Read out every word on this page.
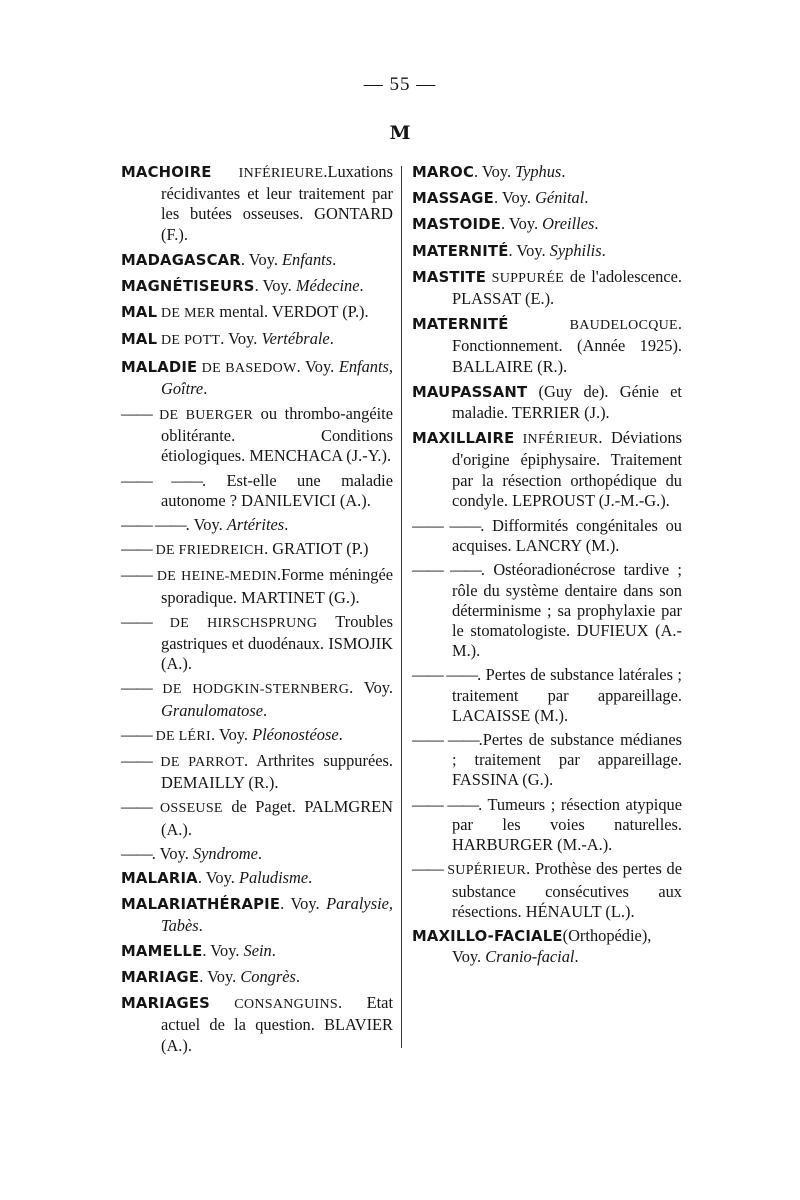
— 55 —
M
MACHOIRE INFÉRIEURE.Luxations récidivantes et leur traitement par les butées osseuses. GONTARD (F.).
MADAGASCAR. Voy. Enfants.
MAGNÉTISEURS. Voy. Médecine.
MAL DE MER mental. VERDOT (P.).
MAL DE POTT. Voy. Vertébrale.
MALADIE DE BASEDOW. Voy. Enfants, Goître.
—— DE BUERGER ou thrombo-angéite oblitérante. Conditions étiologiques. MENCHACA (J.-Y.).
—— ——. Est-elle une maladie autonome ? DANILEVICI (A.).
—— ——. Voy. Artérites.
—— DE FRIEDREICH. GRATIOT (P.)
—— DE HEINE-MEDIN.Forme méningée sporadique. MARTINET (G.).
—— DE HIRSCHSPRUNG Troubles gastriques et duodénaux. ISMOJIK (A.).
—— DE HODGKIN-STERNBERG. Voy. Granulomatose.
—— DE LÉRI. Voy. Pléonostéose.
—— DE PARROT. Arthrites suppurées. DEMAILLY (R.).
—— OSSEUSE de Paget. PALMGREN (A.).
——. Voy. Syndrome.
MALARIA. Voy. Paludisme.
MALARIATHÉRAPIE. Voy. Paralysie, Tabès.
MAMELLE. Voy. Sein.
MARIAGE. Voy. Congrès.
MARIAGES CONSANGUINS. Etat actuel de la question. BLAVIER (A.).
MAROC. Voy. Typhus.
MASSAGE. Voy. Génital.
MASTOIDE. Voy. Oreilles.
MATERNITÉ. Voy. Syphilis.
MASTITE SUPPURÉE de l'adolescence. PLASSAT (E.).
MATERNITÉ BAUDELOCQUE. Fonctionnement. (Année 1925). BALLAIRE (R.).
MAUPASSANT (Guy de). Génie et maladie. TERRIER (J.).
MAXILLAIRE INFÉRIEUR. Déviations d'origine épiphysaire. Traitement par la résection orthopédique du condyle. LEPROUST (J.-M.-G.).
—— ——. Difformités congénitales ou acquises. LANCRY (M.).
—— ——. Ostéoradionécrose tardive ; rôle du système dentaire dans son déterminisme ; sa prophylaxie par le stomatologiste. DUFIEUX (A.-M.).
—— ——. Pertes de substance latérales ; traitement par appareillage. LACAISSE (M.).
—— ——.Pertes de substance médianes ; traitement par appareillage. FASSINA (G.).
—— ——. Tumeurs ; résection atypique par les voies naturelles. HARBURGER (M.-A.).
—— SUPÉRIEUR. Prothèse des pertes de substance consécutives aux résections. HÉNAULT (L.).
MAXILLO-FACIALE(Orthopédie), Voy. Cranio-facial.
